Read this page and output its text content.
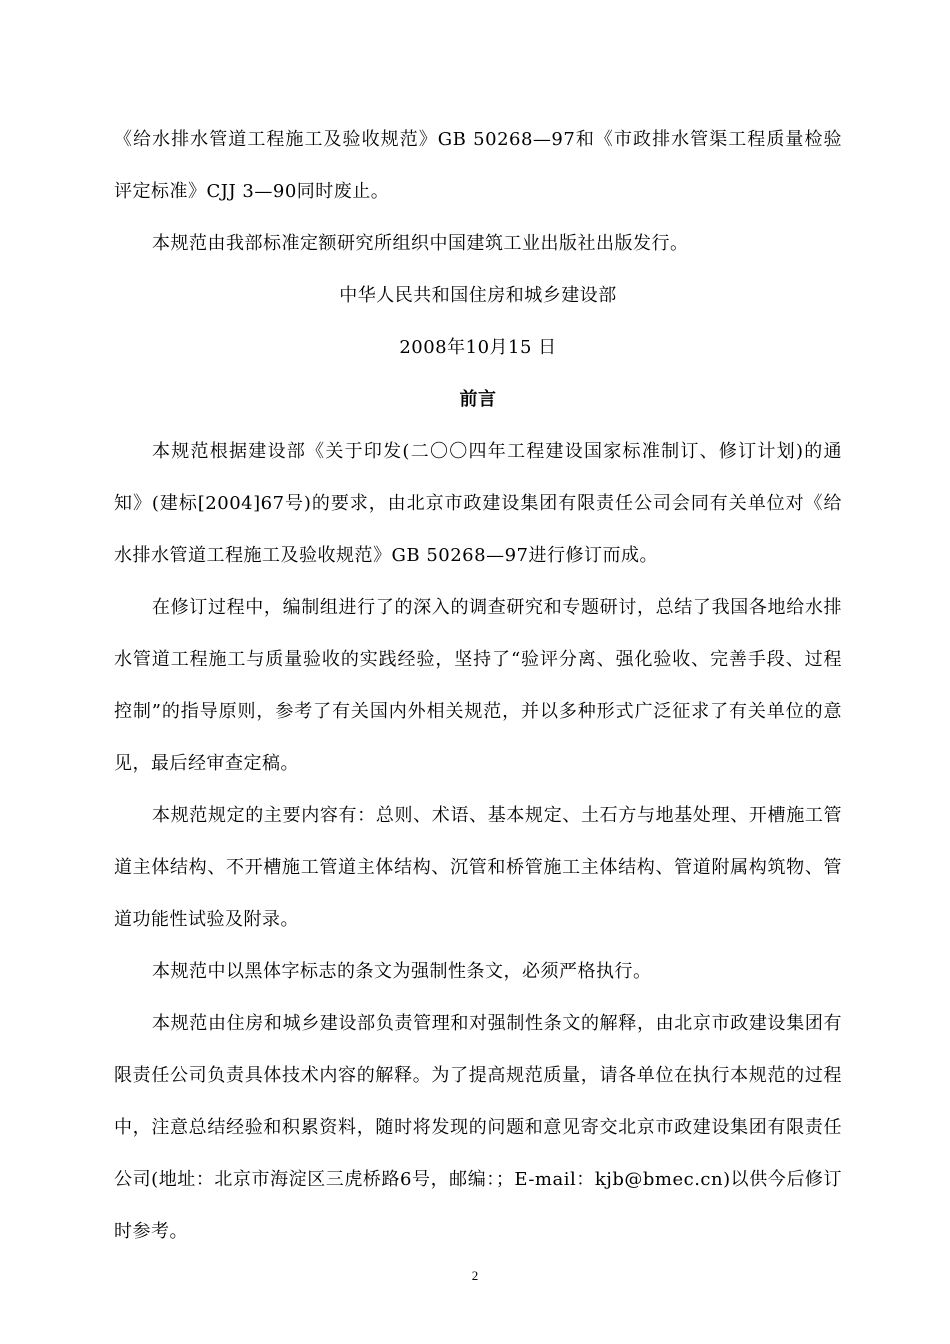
《给水排水管道工程施工及验收规范》GB 50268—97和《市政排水管渠工程质量检验评定标准》CJJ 3—90同时废止。

本规范由我部标准定额研究所组织中国建筑工业出版社出版发行。

中华人民共和国住房和城乡建设部

2008年10月15 日

前言

本规范根据建设部《关于印发(二〇〇四年工程建设国家标准制订、修订计划)的通知》(建标[2004]67号)的要求，由北京市政建设集团有限责任公司会同有关单位对《给水排水管道工程施工及验收规范》GB 50268—97进行修订而成。

在修订过程中，编制组进行了的深入的调查研究和专题研讨，总结了我国各地给水排水管道工程施工与质量验收的实践经验，坚持了“验评分离、强化验收、完善手段、过程控制”的指导原则，参考了有关国内外相关规范，并以多种形式广泛征求了有关单位的意见，最后经审查定稿。

本规范规定的主要内容有：总则、术语、基本规定、土石方与地基处理、开槽施工管道主体结构、不开槽施工管道主体结构、沉管和桥管施工主体结构、管道附属构筑物、管道功能性试验及附录。

本规范中以黑体字标志的条文为强制性条文，必须严格执行。

本规范由住房和城乡建设部负责管理和对强制性条文的解释，由北京市政建设集团有限责任公司负责具体技术内容的解释。为了提高规范质量，请各单位在执行本规范的过程中，注意总结经验和积累资料，随时将发现的问题和意见寄交北京市政建设集团有限责任公司(地址：北京市海淀区三虎桥路6号，邮编：；E-mail：kjb@bmec.cn)以供今后修订时参考。

2
